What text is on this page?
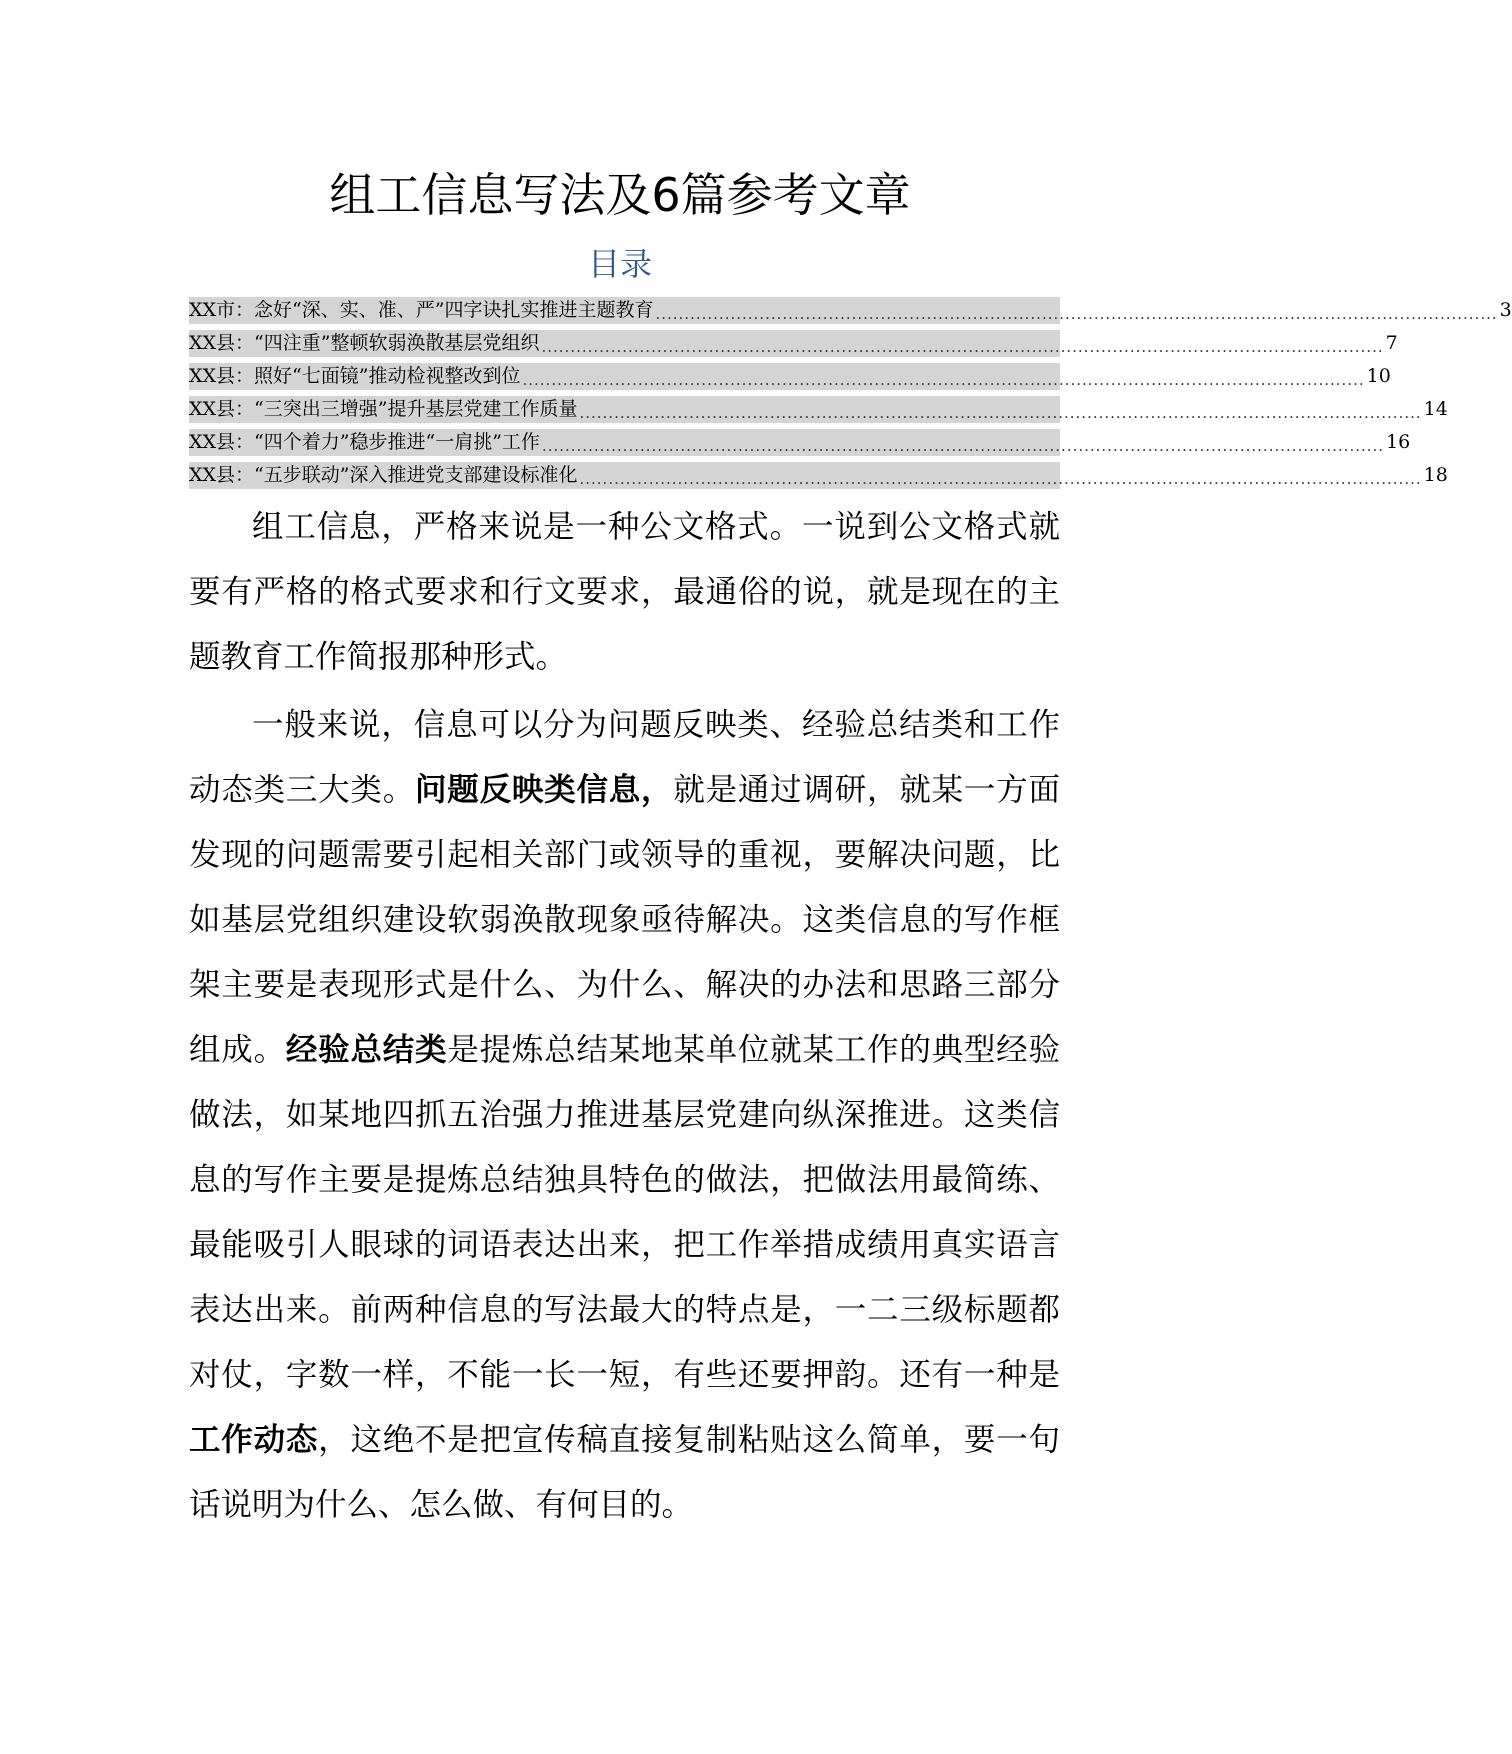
组工信息写法及6篇参考文章
目录
XX市：念好“深、实、准、严”四字诀扎实推进主题教育 .................................................................................................................................................. 3
XX县：“四注重”整顿软弱涣散基层党组织 .................................................................................................................................................. 7
XX县：照好“七面镜”推动检视整改到位 .................................................................................................................................................. 10
XX县：“三突出三增强”提升基层党建工作质量 .................................................................................................................................................. 14
XX县：“四个着力”稳步推进“一肩挑”工作 .................................................................................................................................................. 16
XX县：“五步联动”深入推进党支部建设标准化 .................................................................................................................................................. 18

组工信息，严格来说是一种公文格式。一说到公文格式就要有严格的格式要求和行文要求，最通俗的说，就是现在的主题教育工作简报那种形式。

一般来说，信息可以分为问题反映类、经验总结类和工作动态类三大类。问题反映类信息，就是通过调研，就某一方面发现的问题需要引起相关部门或领导的重视，要解决问题，比如基层党组织建设软弱涣散现象亟待解决。这类信息的写作框架主要是表现形式是什么、为什么、解决的办法和思路三部分组成。经验总结类是提炼总结某地某单位就某工作的典型经验做法，如某地四抓五治强力推进基层党建向纵深推进。这类信息的写作主要是提炼总结独具特色的做法，把做法用最简练、最能吸引人眼球的词语表达出来，把工作举措成绩用真实语言表达出来。前两种信息的写法最大的特点是，一二三级标题都对仗，字数一样，不能一长一短，有些还要押韵。还有一种是工作动态，这绝不是把宣传稿直接复制粘贴这么简单，要一句话说明为什么、怎么做、有何目的。
